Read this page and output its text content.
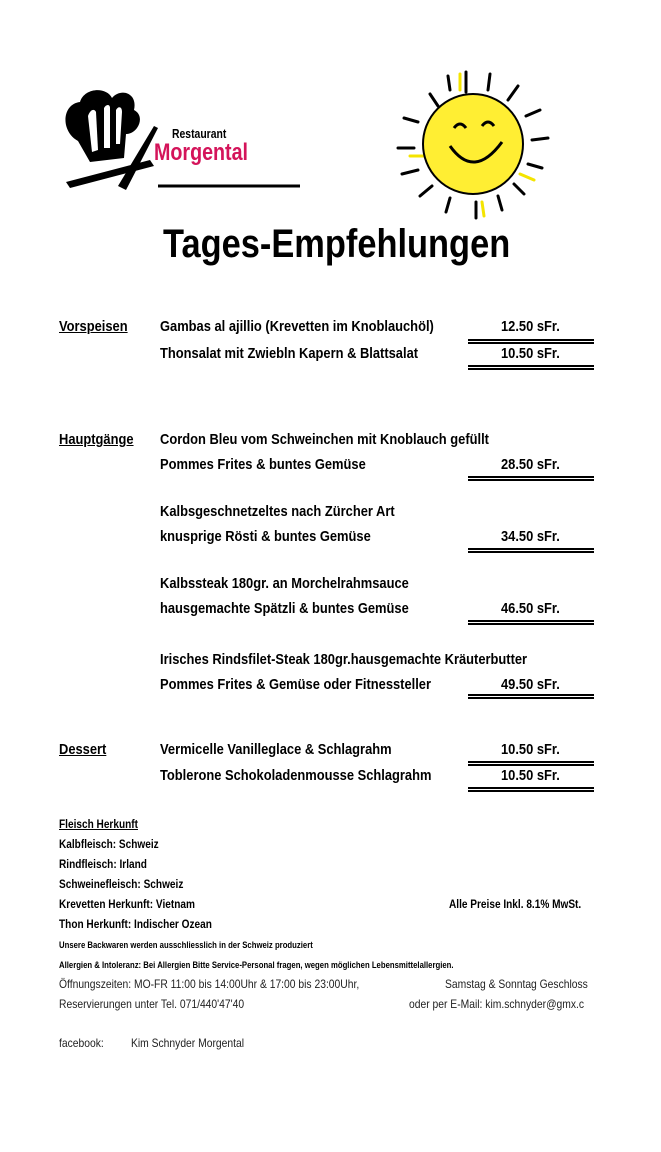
Restaurant
Morgental
Tages-Empfehlungen
Vorspeisen Gambas al ajillio (Krevetten im Knoblauchöl)	12.50 sFr.
Thonsalat mit Zwiebln Kapern & Blattsalat	10.50 sFr.
Hauptgänge Cordon Bleu vom Schweinchen mit Knoblauch gefüllt
Pommes Frites & buntes Gemüse	28.50 sFr.
Kalbsgeschnetzeltes nach Zürcher Art
knusprige Rösti & buntes Gemüse	34.50 sFr.
Kalbssteak 180gr. an Morchelrahmsauce
hausgemachte Spätzli & buntes Gemüse	46.50 sFr.
Irisches Rindsfilet-Steak 180gr.hausgemachte Kräuterbutter
Pommes Frites & Gemüse oder Fitnessteller	49.50 sFr.
Dessert	Vermicelle Vanilleglace & Schlagrahm	10.50 sFr.
Toblerone Schokoladenmousse Schlagrahm	10.50 sFr.
Fleisch Herkunft
Kalbfleisch: Schweiz
Rindfleisch: Irland
Schweinefleisch: Schweiz
Krevetten Herkunft: Vietnam
Thon Herkunft: Indischer Ozean
Alle Preise Inkl. 8.1% MwSt.
Unsere Backwaren werden ausschliesslich in der Schweiz produziert
Allergien & Intoleranz: Bei Allergien Bitte Service-Personal fragen, wegen möglichen Lebensmittelallergien.
Öffnungszeiten: MO-FR 11:00 bis 14:00Uhr & 17:00 bis 23:00Uhr,	Samstag & Sonntag Geschloss
Reservierungen unter Tel. 071/440'47'40	oder per E-Mail: kim.schnyder@gmx.c
facebook: Kim Schnyder Morgental
